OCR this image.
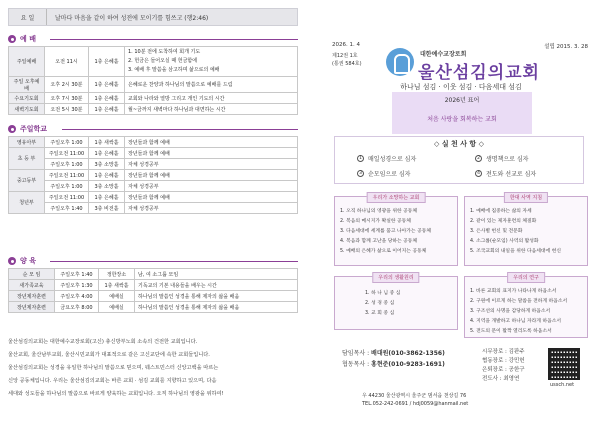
요 일	날마다 마음을 같이 하여 성전에 모이기를 힘쓰고 (행2:46)
예 배
주일예배	오전 11시	1층 은혜홀	1. 10분 전에 도착하여 회개 기도
2. 헌금은 들어오실 때 헌금함에
3. 예배 후 말씀을 삼고하며 삶으로의 예배

주일 오후예배	오후 2시 30분	1층 은혜홀	은혜로운 찬양과 하나님의 말씀으로 예배를 드림
수요기도회	오후 7시 30분	1층 은혜홀	교회와 나라와 열방 그리고 개인 기도의 시간
새벽기도회	오전 5시 30분	1층 은혜홀	월~금까지 새벽마다 하나님과 대면하는 시간
주일학교
영유아부	주일오후 1:00	1층 새싹홀	장년들과 함께 예배
초 등 부	주일오전 11:00	1층 은혜홀	장년들과 함께 예배
	주일오후 1:00	3층 소망홀	자체 성경공부
중고등부	주일오전 11:00	1층 은혜홀	장년들과 함께 예배
	주일오후 1:00	3층 소망홀	자체 성경공부
청년부	주일오전 11:00	1층 은혜홀	장년들과 함께 예배
	주일오후 1:40	3층 비전홀	자체 성경공부
양 육
순 모 임	주일오후 1:40	정한장소	남, 여 소그룹 모임
새가족교육	주일오후 1:30	1층 새싹홀	기독교의 기본 내용들을 배우는 시간
장년제자훈련	주일오후 4:00	예배실	하나님의 말씀인 성경을 통해 제자의 삶을 배움
장년제자훈련	금요오후 8:00	예배실	하나님의 말씀인 성경을 통해 제자의 삶을 배움
울산섬김의교회는 대한예수교장로회(고신) 총신방부노회 소속의 건전한 교회입니다.
울산교회, 울산남부교회, 울산시민교회가 대표적으로 같은 고신교단에 속한 교회들입니다.
울산섬김의교회는 성경을 유일한 하나님의 말씀으로 믿으며, 웨스트민스터 신앙고백을 따르는
신앙 공동체입니다. 우리는 울산섬김의교회는 바른 교회 · 섬김 교회를 지향하고 있으며, 다음
세대와 성도들을 하나님의 말씀으로 바르게 양육하는 교회입니다. 오직 하나님의 영광을 위하여!
2026. 1. 4	설립 2015. 3. 28
제12권 1호
(통권 584호)
대한예수교장로회
울산섬김의교회
하나님 섬김 · 이웃 섬김 · 다음세대 섬김
2026년 표어
처음 사랑을 회복하는 교회
◇ 실 천 사 항 ◇
1	매일성경으로 심자	2	생명책으로 심자
3	순모임으로 심자	4	전도와 선교로 심자
우리가 소망하는 교회
1. 오직 하나님의 영광을 위한 공동체
2. 복음의 메시지가 확실한 공동체
3. 다음세대에 세계를 품고 나아가는 공동체
4. 복음과 함께 고난을 당하는 공동체
5. 예배의 은혜가 삶으로 이어지는 공동체
한대 사역 지침
1. 예배에 집중하는 삶의 자세
2. 같이 있는 제자훈련의 체질화
3. 은사별 헌신 및 전문화
4. 소그룹(순모임) 사역의 활성화
5. 조국교회의 내일을 위한 다음세대에 헌신
우리의 생활원리
1. 하 나 님 중 심
2. 성 경 중 심
3. 교 회 중 심
우리의 연구
1. 바른 교회의 표지가 나타나게 하옵소서
2. 구원에 이르게 하는 말씀을 전하게 하옵소서
3. 구조선의 사명을 감당하게 하옵소서
4. 지역을 개발하고 하나님 자라게 하옵소서
5. 전도의 문이 활짝 열리도록 하옵소서
담임목사 : 배대원(010-3862-1356)
협동목사 : 홍현준(010-9283-1691)
시무장로 : 김판주
협동장로 : 강민헌
은퇴장로 : 공한구
전도사 : 최영연
ussch.net
우 44230 울산광역시 울주군 범서읍 천상길 76
TEL.052-242-0691 / hdj0059@hanmail.net
